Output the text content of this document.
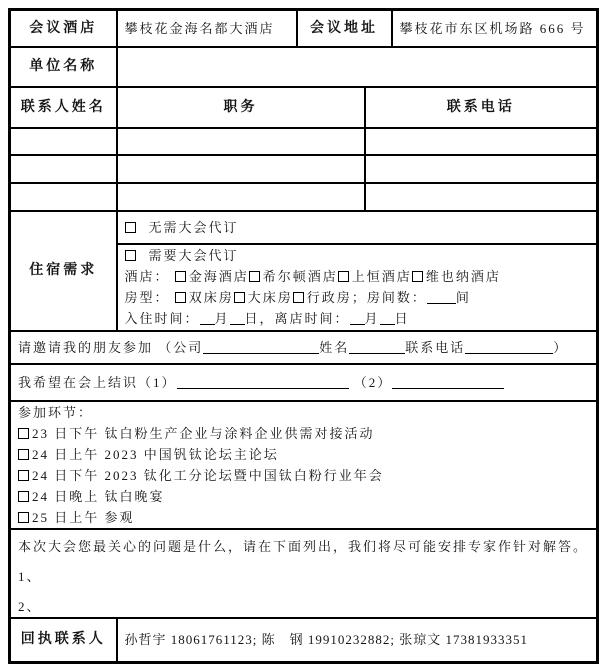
会议酒店	攀枝花金海名都大酒店	会议地址		攀枝花市东区机场路 666 号
单位名称				
联系人姓名	职务		联系电话	

住宿需求	无需大会代订			

	需要大会代订
酒店： 金海酒店 希尔顿酒店 上恒酒店 维也纳酒店
房型： 双床房 大床房 行政房；房间数： 间
入住时间： 月 日，离店时间： 月 日			

请邀请我的朋友参加 （公司 姓名 联系电话 ）				
我希望在会上结识（1） （2）				

参加环节：
23 日下午 钛白粉生产企业与涂料企业供需对接活动
24 日上午 2023 中国钒钛论坛主论坛
24 日下午 2023 钛化工分论坛暨中国钛白粉行业年会
24 日晚上 钛白晚宴
25 日上午 参观

本次大会您最关心的问题是什么，请在下面列出，我们将尽可能安排专家作针对解答。
1、
2、				

回执联系人	孙哲宇 18061761123; 陈　钢 19910232882; 张琼文 17381933351			
